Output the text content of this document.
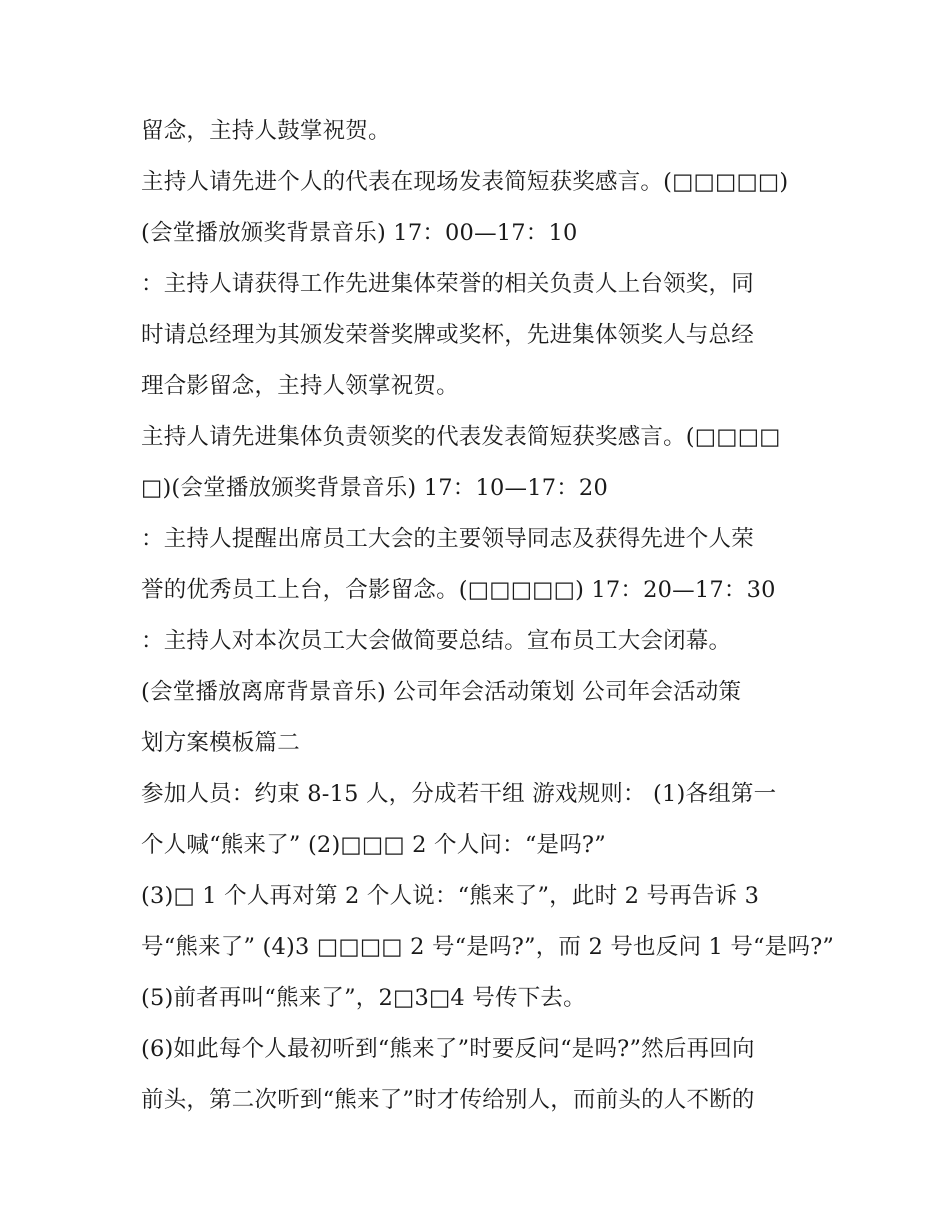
留念，主持人鼓掌祝贺。
主持人请先进个人的代表在现场发表简短获奖感言。(□□□□□)
(会堂播放颁奖背景音乐) 17：00—17：10
：主持人请获得工作先进集体荣誉的相关负责人上台领奖，同
时请总经理为其颁发荣誉奖牌或奖杯，先进集体领奖人与总经
理合影留念，主持人领掌祝贺。
主持人请先进集体负责领奖的代表发表简短获奖感言。(□□□□
□)(会堂播放颁奖背景音乐) 17：10—17：20
：主持人提醒出席员工大会的主要领导同志及获得先进个人荣
誉的优秀员工上台，合影留念。(□□□□□) 17：20—17：30
：主持人对本次员工大会做简要总结。宣布员工大会闭幕。
(会堂播放离席背景音乐) 公司年会活动策划 公司年会活动策
划方案模板篇二
参加人员：约束 8-15 人，分成若干组 游戏规则： (1)各组第一
个人喊“熊来了” (2)□□□ 2 个人问：“是吗?”
(3)□ 1 个人再对第 2 个人说：“熊来了”，此时 2 号再告诉 3
号“熊来了” (4)3 □□□□ 2 号“是吗?”，而 2 号也反问 1 号“是吗?”
(5)前者再叫“熊来了”，2□3□4 号传下去。
(6)如此每个人最初听到“熊来了”时要反问“是吗?”然后再回向
前头，第二次听到“熊来了”时才传给别人，而前头的人不断的
